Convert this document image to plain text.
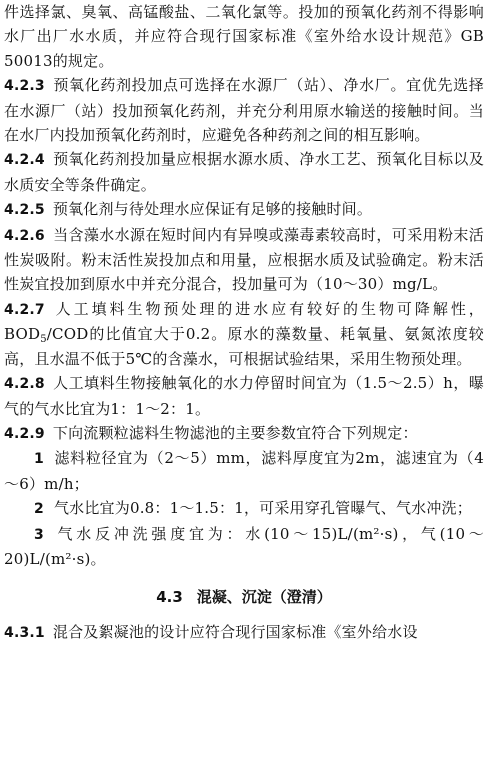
件选择氯、臭氧、高锰酸盐、二氧化氯等。投加的预氧化药剂不得影响水厂出厂水水质，并应符合现行国家标准《室外给水设计规范》GB 50013的规定。

4.2.3 预氧化药剂投加点可选择在水源厂（站）、净水厂。宜优先选择在水源厂（站）投加预氧化药剂，并充分利用原水输送的接触时间。当在水厂内投加预氧化药剂时，应避免各种药剂之间的相互影响。

4.2.4 预氧化药剂投加量应根据水源水质、净水工艺、预氧化目标以及水质安全等条件确定。

4.2.5 预氧化剂与待处理水应保证有足够的接触时间。

4.2.6 当含藻水水源在短时间内有异嗅或藻毒素较高时，可采用粉末活性炭吸附。粉末活性炭投加点和用量，应根据水质及试验确定。粉末活性炭宜投加到原水中并充分混合，投加量可为（10～30）mg/L。

4.2.7 人工填料生物预处理的进水应有较好的生物可降解性，$BOD_5$/COD的比值宜大于0.2。原水的藻数量、耗氧量、氨氮浓度较高，且水温不低于5℃的含藻水，可根据试验结果，采用生物预处理。

4.2.8 人工填料生物接触氧化的水力停留时间宜为（1.5～2.5）h，曝气的气水比宜为1：1～2：1。

4.2.9 下向流颗粒滤料生物滤池的主要参数宜符合下列规定：

1 滤料粒径宜为（2～5）mm，滤料厚度宜为2m，滤速宜为（4～6）m/h；

2 气水比宜为0.8：1～1.5：1，可采用穿孔管曝气、气水冲洗；

3 气水反冲洗强度宜为：水(10～15)L/(m²·s)，气(10～20)L/(m²·s)。

4.3 混凝、沉淀（澄清）

4.3.1 混合及絮凝池的设计应符合现行国家标准《室外给水设
